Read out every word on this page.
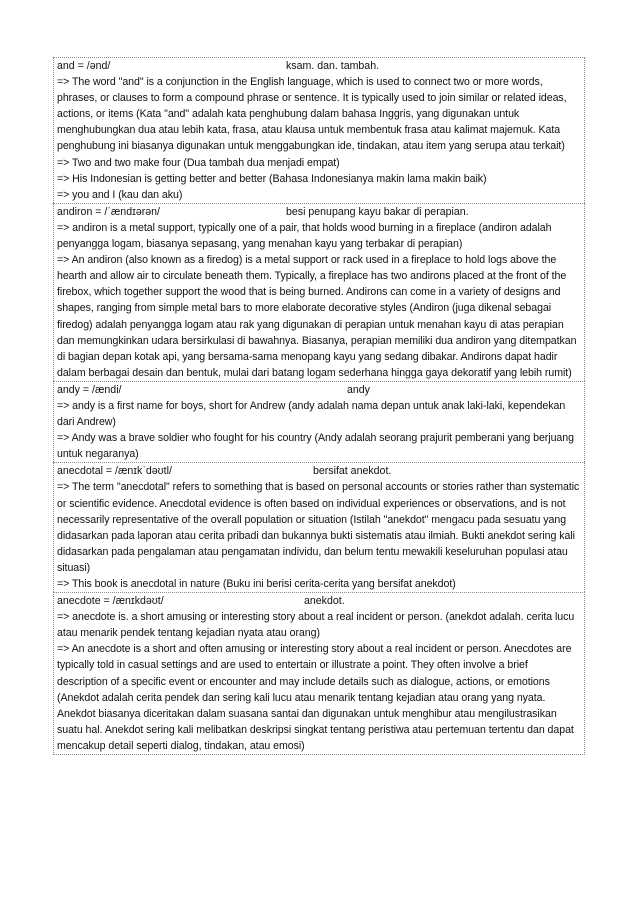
and = /ənd/	ksam. dan. tambah.

=> The word "and" is a conjunction in the English language, which is used to connect two or more words, phrases, or clauses to form a compound phrase or sentence. It is typically used to join similar or related ideas, actions, or items (Kata "and" adalah kata penghubung dalam bahasa Inggris, yang digunakan untuk menghubungkan dua atau lebih kata, frasa, atau klausa untuk membentuk frasa atau kalimat majemuk. Kata penghubung ini biasanya digunakan untuk menggabungkan ide, tindakan, atau item yang serupa atau terkait)

=> Two and two make four (Dua tambah dua menjadi empat)

=> His Indonesian is getting better and better (Bahasa Indonesianya makin lama makin baik)

=> you and I (kau dan aku)

andiron = /ˈændɪərən/	besi penupang kayu bakar di perapian.

=> andiron is a metal support, typically one of a pair, that holds wood burning in a fireplace (andiron adalah penyangga logam, biasanya sepasang, yang menahan kayu yang terbakar di perapian)

=> An andiron (also known as a firedog) is a metal support or rack used in a fireplace to hold logs above the hearth and allow air to circulate beneath them. Typically, a fireplace has two andirons placed at the front of the firebox, which together support the wood that is being burned. Andirons can come in a variety of designs and shapes, ranging from simple metal bars to more elaborate decorative styles (Andiron (juga dikenal sebagai firedog) adalah penyangga logam atau rak yang digunakan di perapian untuk menahan kayu di atas perapian dan memungkinkan udara bersirkulasi di bawahnya. Biasanya, perapian memiliki dua andiron yang ditempatkan di bagian depan kotak api, yang bersama-sama menopang kayu yang sedang dibakar. Andirons dapat hadir dalam berbagai desain dan bentuk, mulai dari batang logam sederhana hingga gaya dekoratif yang lebih rumit)

andy = /ændi/	andy

=> andy is a first name for boys, short for Andrew (andy adalah nama depan untuk anak laki-laki, kependekan dari Andrew)

=> Andy was a brave soldier who fought for his country (Andy adalah seorang prajurit pemberani yang berjuang untuk negaranya)

anecdotal = /ænɪkˈdəʊtl/	bersifat anekdot.

=> The term "anecdotal" refers to something that is based on personal accounts or stories rather than systematic or scientific evidence. Anecdotal evidence is often based on individual experiences or observations, and is not necessarily representative of the overall population or situation (Istilah "anekdot" mengacu pada sesuatu yang didasarkan pada laporan atau cerita pribadi dan bukannya bukti sistematis atau ilmiah. Bukti anekdot sering kali didasarkan pada pengalaman atau pengamatan individu, dan belum tentu mewakili keseluruhan populasi atau situasi)

=> This book is anecdotal in nature (Buku ini berisi cerita-cerita yang bersifat anekdot)

anecdote = /ænɪkdəʊt/	anekdot.

=> anecdote is. a short amusing or interesting story about a real incident or person. (anekdot adalah. cerita lucu atau menarik pendek tentang kejadian nyata atau orang)

=> An anecdote is a short and often amusing or interesting story about a real incident or person. Anecdotes are typically told in casual settings and are used to entertain or illustrate a point. They often involve a brief description of a specific event or encounter and may include details such as dialogue, actions, or emotions (Anekdot adalah cerita pendek dan sering kali lucu atau menarik tentang kejadian atau orang yang nyata. Anekdot biasanya diceritakan dalam suasana santai dan digunakan untuk menghibur atau mengilustrasikan suatu hal. Anekdot sering kali melibatkan deskripsi singkat tentang peristiwa atau pertemuan tertentu dan dapat mencakup detail seperti dialog, tindakan, atau emosi)
